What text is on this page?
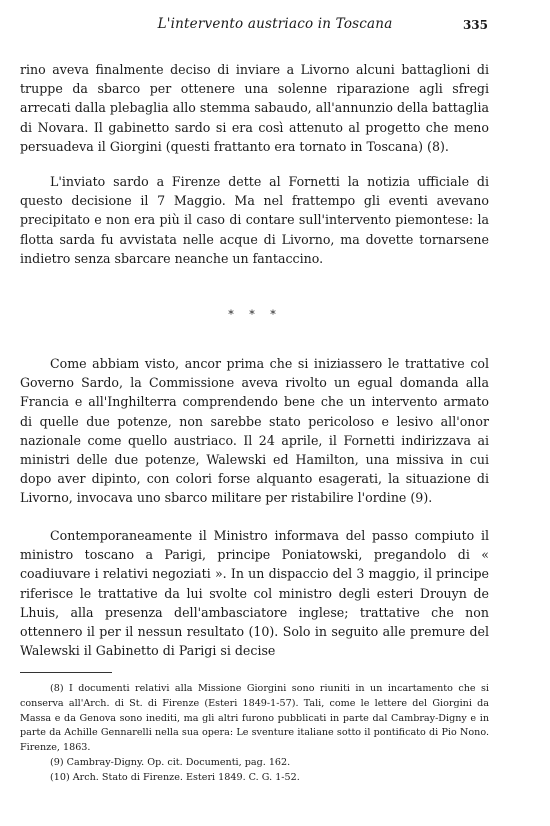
L'intervento austriaco in Toscana	335
rino aveva finalmente deciso di inviare a Livorno alcuni battaglioni di truppe da sbarco per ottenere una solenne riparazione agli sfregi arrecati dalla plebaglia allo stemma sabaudo, all'annunzio della battaglia di Novara. Il gabinetto sardo si era così attenuto al progetto che meno persuadeva il Giorgini (questi frattanto era tornato in Toscana) (8).
L'inviato sardo a Firenze dette al Fornetti la notizia ufficiale di questo decisione il 7 Maggio. Ma nel frattempo gli eventi avevano precipitato e non era più il caso di contare sull'intervento piemontese: la flotta sarda fu avvistata nelle acque di Livorno, ma dovette tornarsene indietro senza sbarcare neanche un fantaccino.
* * *
Come abbiam visto, ancor prima che si iniziassero le trattative col Governo Sardo, la Commissione aveva rivolto un egual domanda alla Francia e all'Inghilterra comprendendo bene che un intervento armato di quelle due potenze, non sarebbe stato pericoloso e lesivo all'onor nazionale come quello austriaco. Il 24 aprile, il Fornetti indirizzava ai ministri delle due potenze, Walewski ed Hamilton, una missiva in cui dopo aver dipinto, con colori forse alquanto esagerati, la situazione di Livorno, invocava uno sbarco militare per ristabilire l'ordine (9).
Contemporaneamente il Ministro informava del passo compiuto il ministro toscano a Parigi, principe Poniatowski, pregandolo di « coadiuvare i relativi negoziati ». In un dispaccio del 3 maggio, il principe riferisce le trattative da lui svolte col ministro degli esteri Drouyn de Lhuis, alla presenza dell'ambasciatore inglese; trattative che non ottennero il per il nessun resultato (10). Solo in seguito alle premure del Walewski il Gabinetto di Parigi si decise

(8) I documenti relativi alla Missione Giorgini sono riuniti in un incartamento che si conserva all'Arch. di St. di Firenze (Esteri 1849-1-57). Tali, come le lettere del Giorgini da Massa e da Genova sono inediti, ma gli altri furono pubblicati in parte dal Cambray-Digny e in parte da Achille Gennarelli nella sua opera: Le sventure italiane sotto il pontificato di Pio Nono. Firenze, 1863.

(9) Cambray-Digny. Op. cit. Documenti, pag. 162.

(10) Arch. Stato di Firenze. Esteri 1849. C. G. 1-52.
